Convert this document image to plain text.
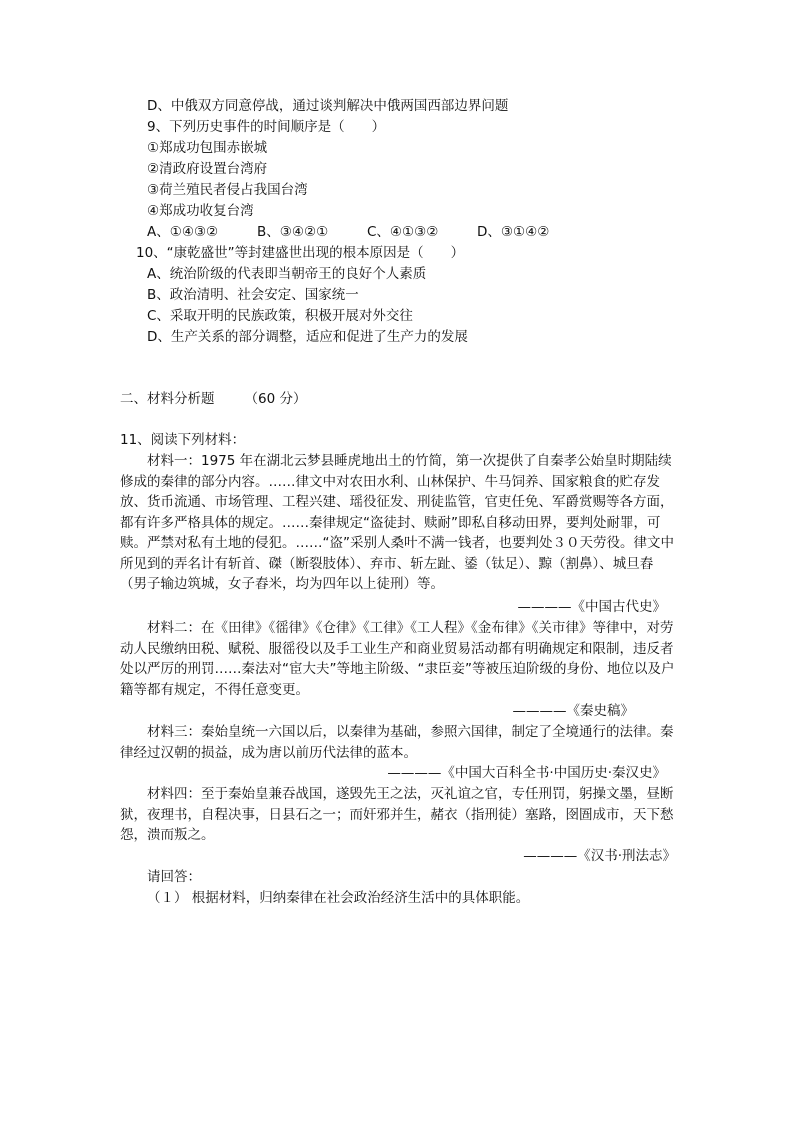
D、中俄双方同意停战，通过谈判解决中俄两国西部边界问题
9、下列历史事件的时间顺序是（　　）
①郑成功包围赤嵌城
②清政府设置台湾府
③荷兰殖民者侵占我国台湾
④郑成功收复台湾
A、①④③②	B、③④②①	C、④①③②	D、③①④②
10、“康乾盛世”等封建盛世出现的根本原因是（　　）
A、统治阶级的代表即当朝帝王的良好个人素质
B、政治清明、社会安定、国家统一
C、采取开明的民族政策，积极开展对外交往
D、生产关系的部分调整，适应和促进了生产力的发展
二、材料分析题 （60 分）
11、阅读下列材料：
材料一：1975 年在湖北云梦县睡虎地出土的竹简，第一次提供了自秦孝公始皇时期陆续修成的秦律的部分内容。……律文中对农田水利、山林保护、牛马饲养、国家粮食的贮存发放、货币流通、市场管理、工程兴建、瑶役征发、刑徒监管，官吏任免、军爵赏赐等各方面，都有许多严格具体的规定。……秦律规定“盗徒封、赎耐”即私自移动田界，要判处耐罪，可赎。严禁对私有土地的侵犯。……“盗”采别人桑叶不满一钱者，也要判处３０天劳役。律文中所见到的弄名计有斩首、磔（断裂肢体）、弃市、斩左趾、鋈（钛足）、黥（割鼻）、城旦舂（男子输边筑城，女子舂米，均为四年以上徒刑）等。
————《中国古代史》
材料二：在《田律》《徭律》《仓律》《工律》《工人程》《金布律》《关市律》等律中，对劳动人民缴纳田税、赋税、服徭役以及手工业生产和商业贸易活动都有明确规定和限制，违反者处以严厉的刑罚……秦法对“宦大夫”等地主阶级、“隶臣妾”等被压迫阶级的身份、地位以及户籍等都有规定，不得任意变更。
————《秦史稿》
材料三：秦始皇统一六国以后，以秦律为基础，参照六国律，制定了全境通行的法律。秦律经过汉朝的损益，成为唐以前历代法律的蓝本。
————《中国大百科全书·中国历史·秦汉史》
材料四：至于秦始皇兼吞战国，遂毁先王之法，灭礼谊之官，专任刑罚，躬操文墨，昼断狱，夜理书，自程决事，日县石之一；而奸邪并生，赭衣（指刑徒）塞路，囹圄成市，天下愁怨，溃而叛之。
————《汉书·刑法志》
请回答：
（１） 根据材料，归纳秦律在社会政治经济生活中的具体职能。
